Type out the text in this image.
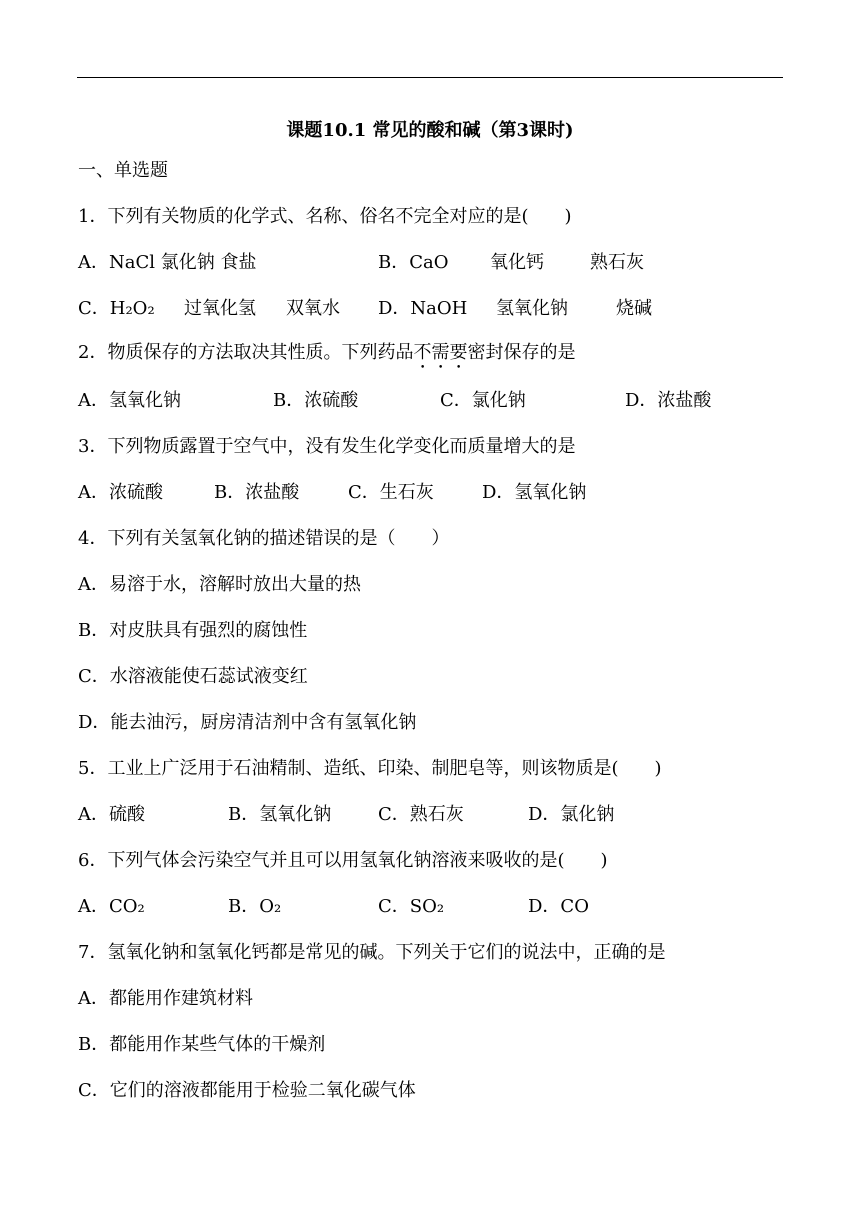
课题10.1 常见的酸和碱（第3课时)
一、单选题
1．下列有关物质的化学式、名称、俗名不完全对应的是(　　)
A．NaCl 氯化钠 食盐	B．CaO 氧化钙	熟石灰
C．H₂O₂ 过氧化氢 双氧水 D．NaOH 氢氧化钠	烧碱
2．物质保存的方法取决其性质。下列药品不需要密封保存的是
A．氢氧化钠	B．浓硫酸	C．氯化钠	D．浓盐酸
3．下列物质露置于空气中，没有发生化学变化而质量增大的是
A．浓硫酸	B．浓盐酸	C．生石灰	D．氢氧化钠
4．下列有关氢氧化钠的描述错误的是（　　）
A．易溶于水，溶解时放出大量的热
B．对皮肤具有强烈的腐蚀性
C．水溶液能使石蕊试液变红
D．能去油污，厨房清洁剂中含有氢氧化钠
5．工业上广泛用于石油精制、造纸、印染、制肥皂等，则该物质是(　　)
A．硫酸	B．氢氧化钠	C．熟石灰	D．氯化钠
6．下列气体会污染空气并且可以用氢氧化钠溶液来吸收的是(　　)
A．CO₂	B．O₂	C．SO₂	D．CO
7．氢氧化钠和氢氧化钙都是常见的碱。下列关于它们的说法中，正确的是
A．都能用作建筑材料
B．都能用作某些气体的干燥剂
C．它们的溶液都能用于检验二氧化碳气体
